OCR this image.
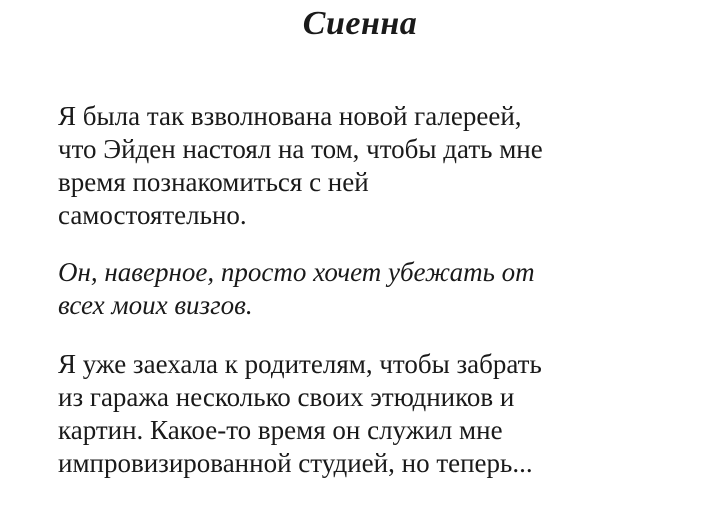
Сиенна

Я была так взволнована новой галереей,
что Эйден настоял на том, чтобы дать мне
время познакомиться с ней
самостоятельно.

Он, наверное, просто хочет убежать от
всех моих визгов.

Я уже заехала к родителям, чтобы забрать
из гаража несколько своих этюдников и
картин. Какое-то время он служил мне
импровизированной студией, но теперь...
